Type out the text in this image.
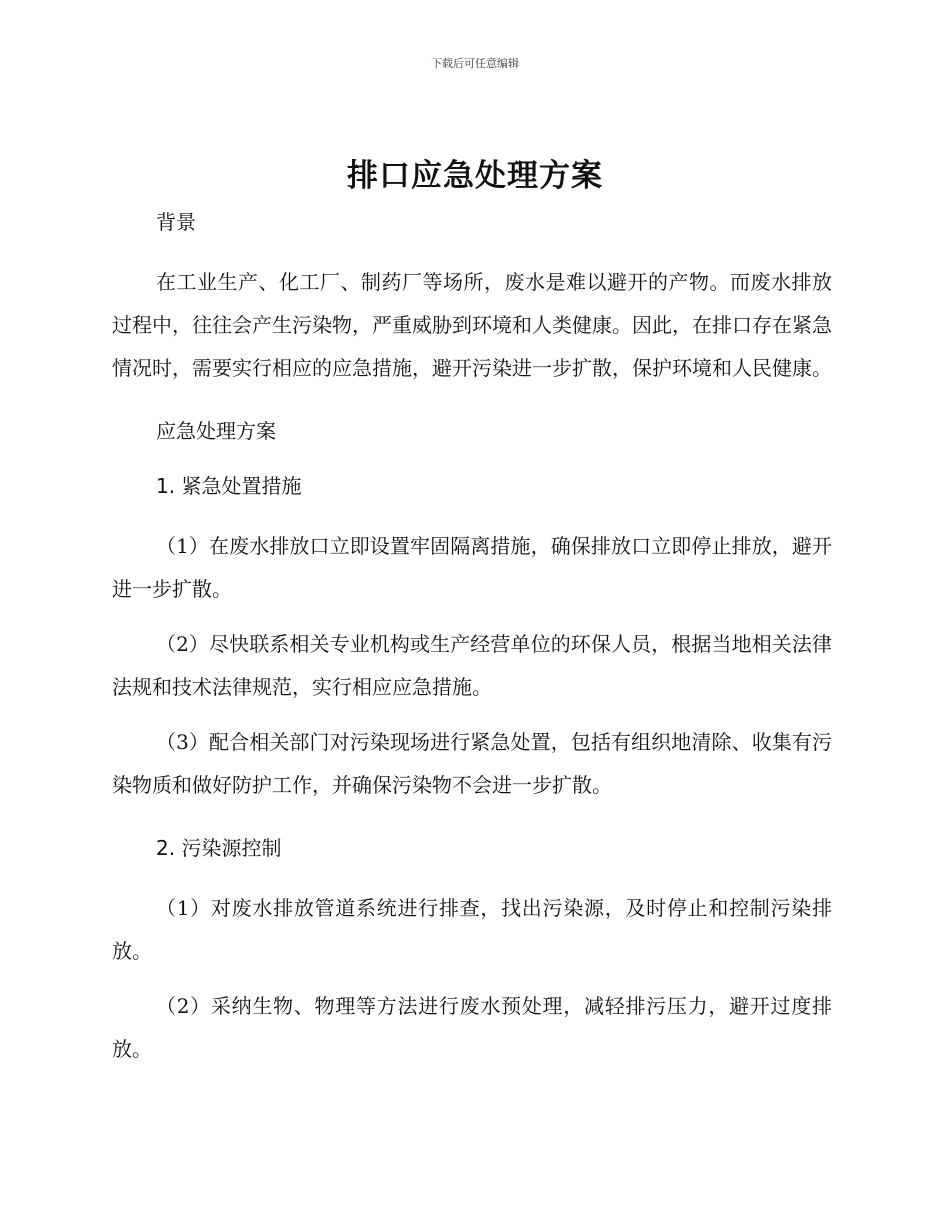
下载后可任意编辑
排口应急处理方案
背景

在工业生产、化工厂、制药厂等场所，废水是难以避开的产物。而废水排放过程中，往往会产生污染物，严重威胁到环境和人类健康。因此，在排口存在紧急情况时，需要实行相应的应急措施，避开污染进一步扩散，保护环境和人民健康。

应急处理方案
1. 紧急处置措施

（1）在废水排放口立即设置牢固隔离措施，确保排放口立即停止排放，避开进一步扩散。

（2）尽快联系相关专业机构或生产经营单位的环保人员，根据当地相关法律法规和技术法律规范，实行相应应急措施。

（3）配合相关部门对污染现场进行紧急处置，包括有组织地清除、收集有污染物质和做好防护工作，并确保污染物不会进一步扩散。

2. 污染源控制

（1）对废水排放管道系统进行排查，找出污染源，及时停止和控制污染排放。

（2）采纳生物、物理等方法进行废水预处理，减轻排污压力，避开过度排放。
